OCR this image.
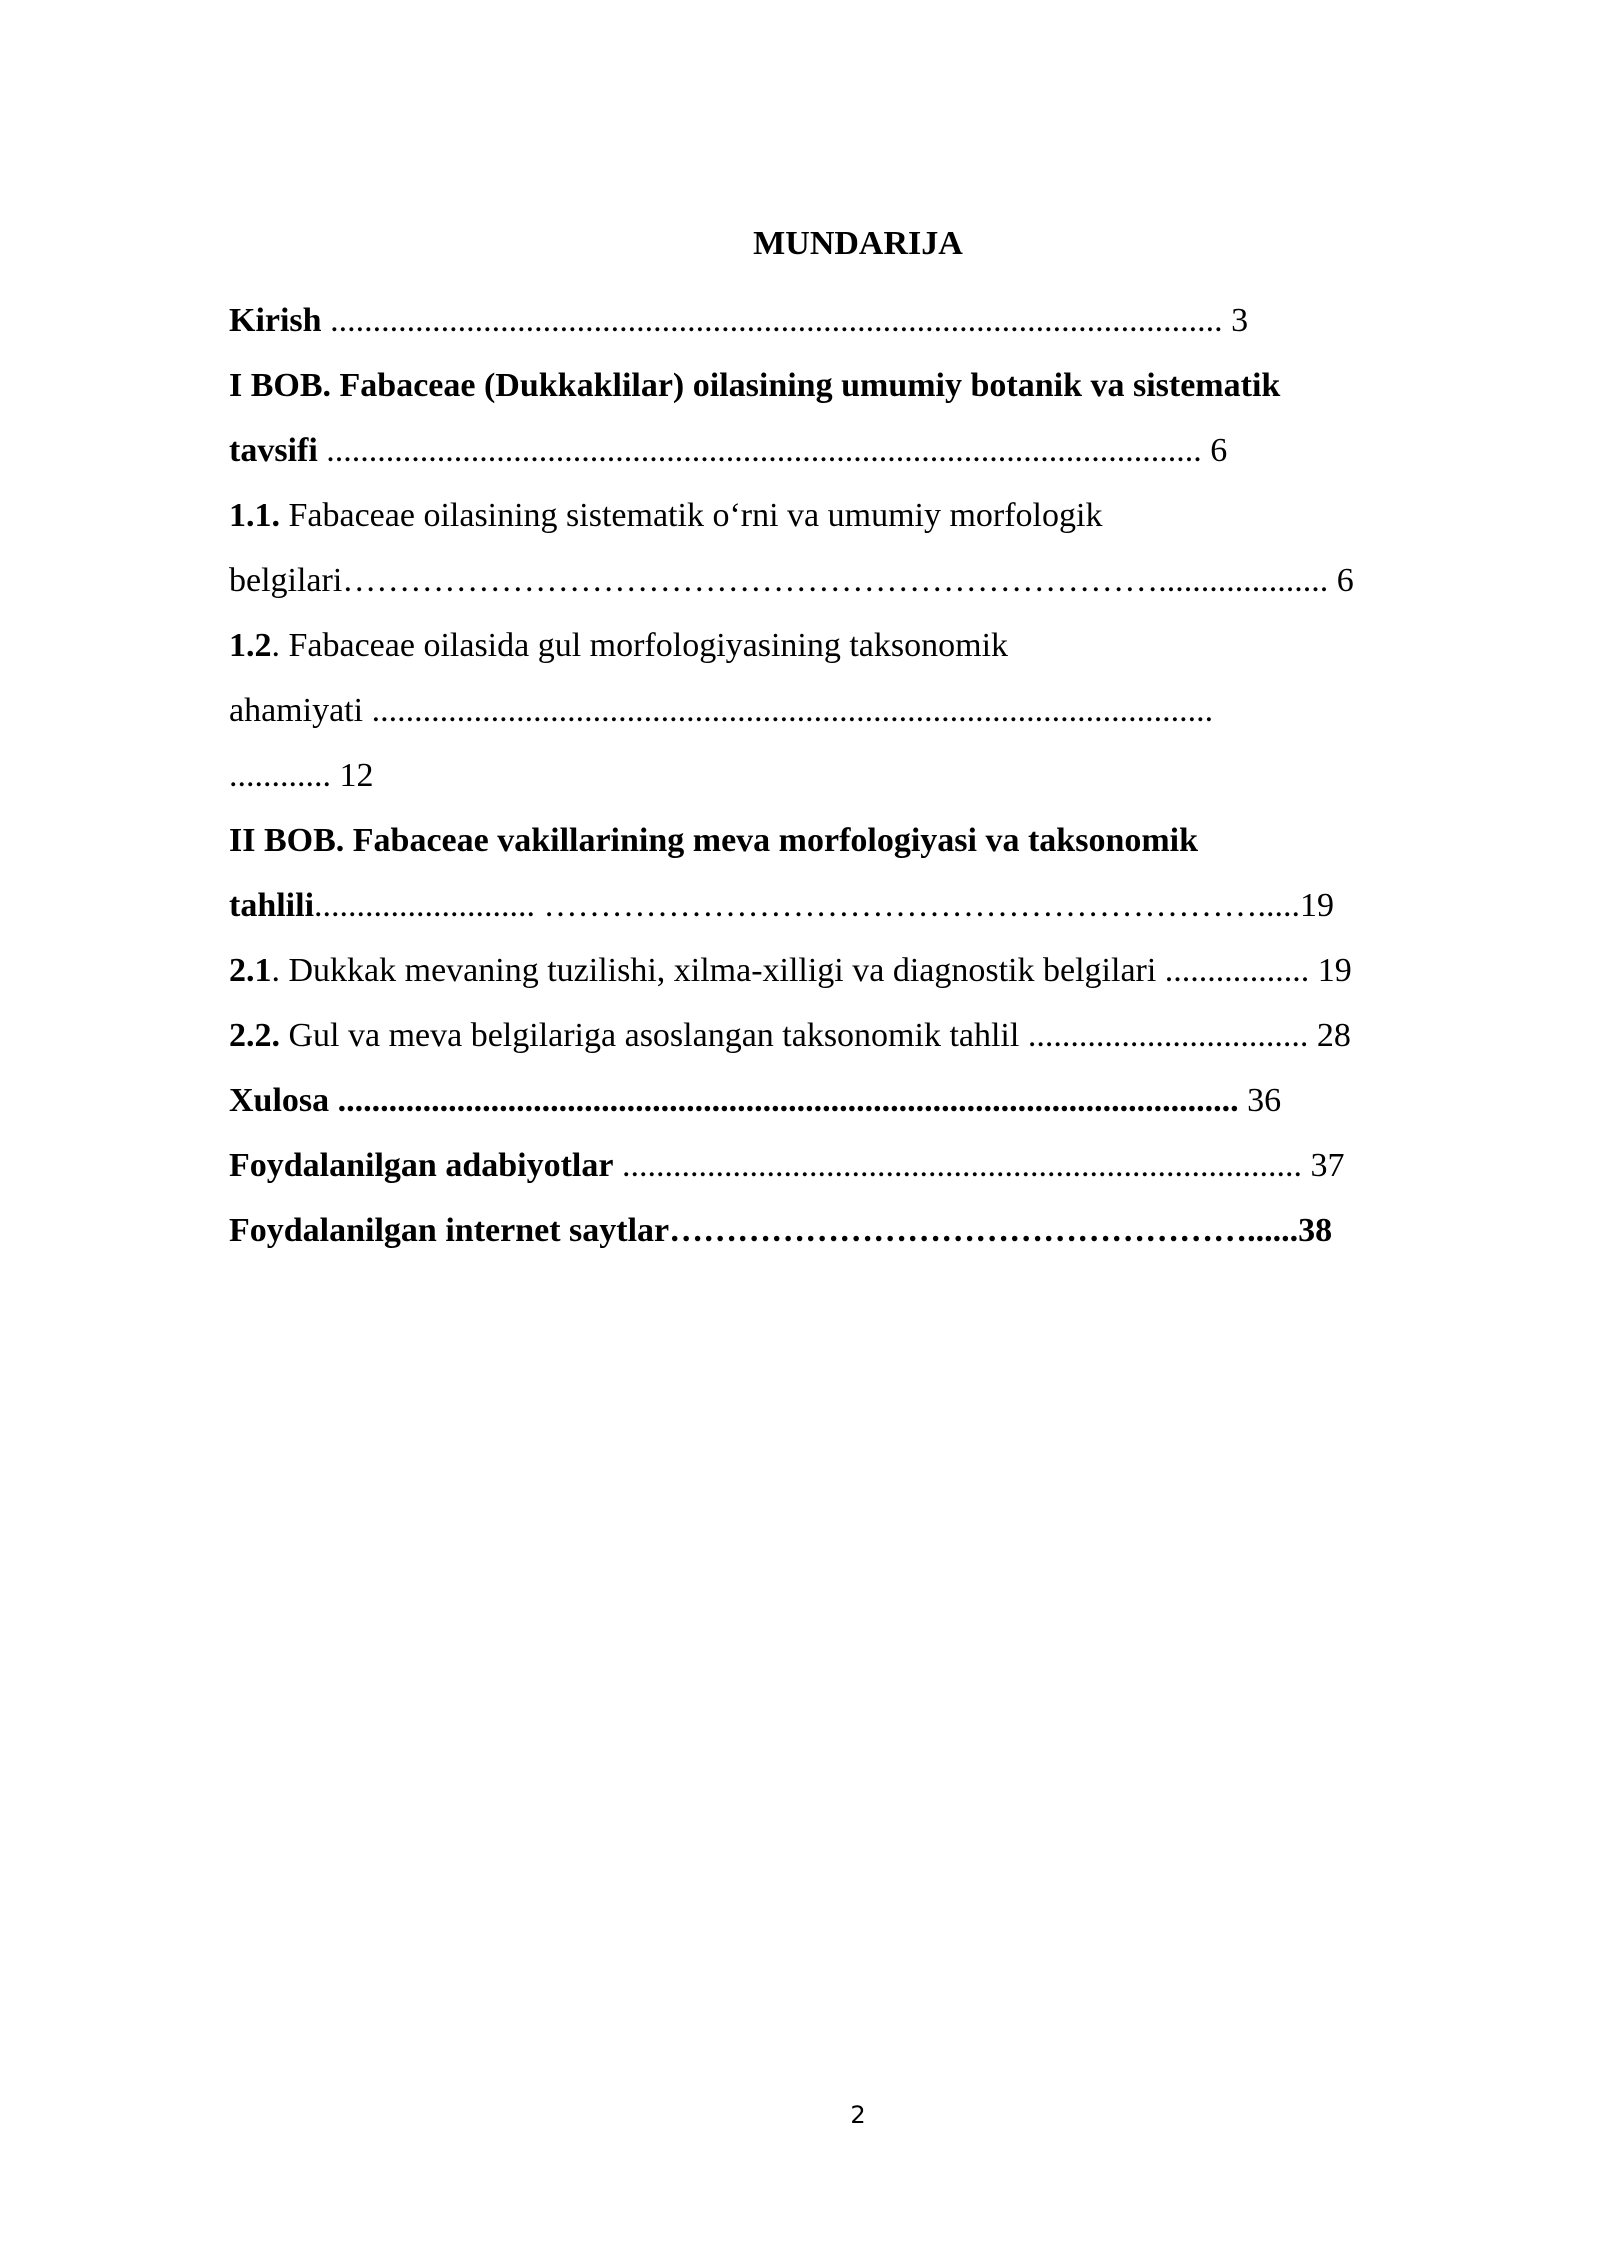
MUNDARIJA
Kirish ......................................................................................................... 3
I BOB. Fabaceae (Dukkaklilar) oilasining umumiy botanik va sistematik
tavsifi ....................................................................................................... 6
1.1. Fabaceae oilasining sistematik o‘rni va umumiy morfologik
belgilari……………………………………………………………….................... 6
1.2. Fabaceae oilasida gul morfologiyasining taksonomik
ahamiyati ...................................................................................................
............ 12
II BOB. Fabaceae vakillarining meva morfologiyasi va taksonomik
tahlili.......................... ……………………………………………………….....19
2.1. Dukkak mevaning tuzilishi, xilma-xilligi va diagnostik belgilari ................. 19
2.2. Gul va meva belgilariga asoslangan taksonomik tahlil ................................. 28
Xulosa .......................................................................................................... 36
Foydalanilgan adabiyotlar ................................................................................ 37
Foydalanilgan internet saytlar……………………………………………......38
2
